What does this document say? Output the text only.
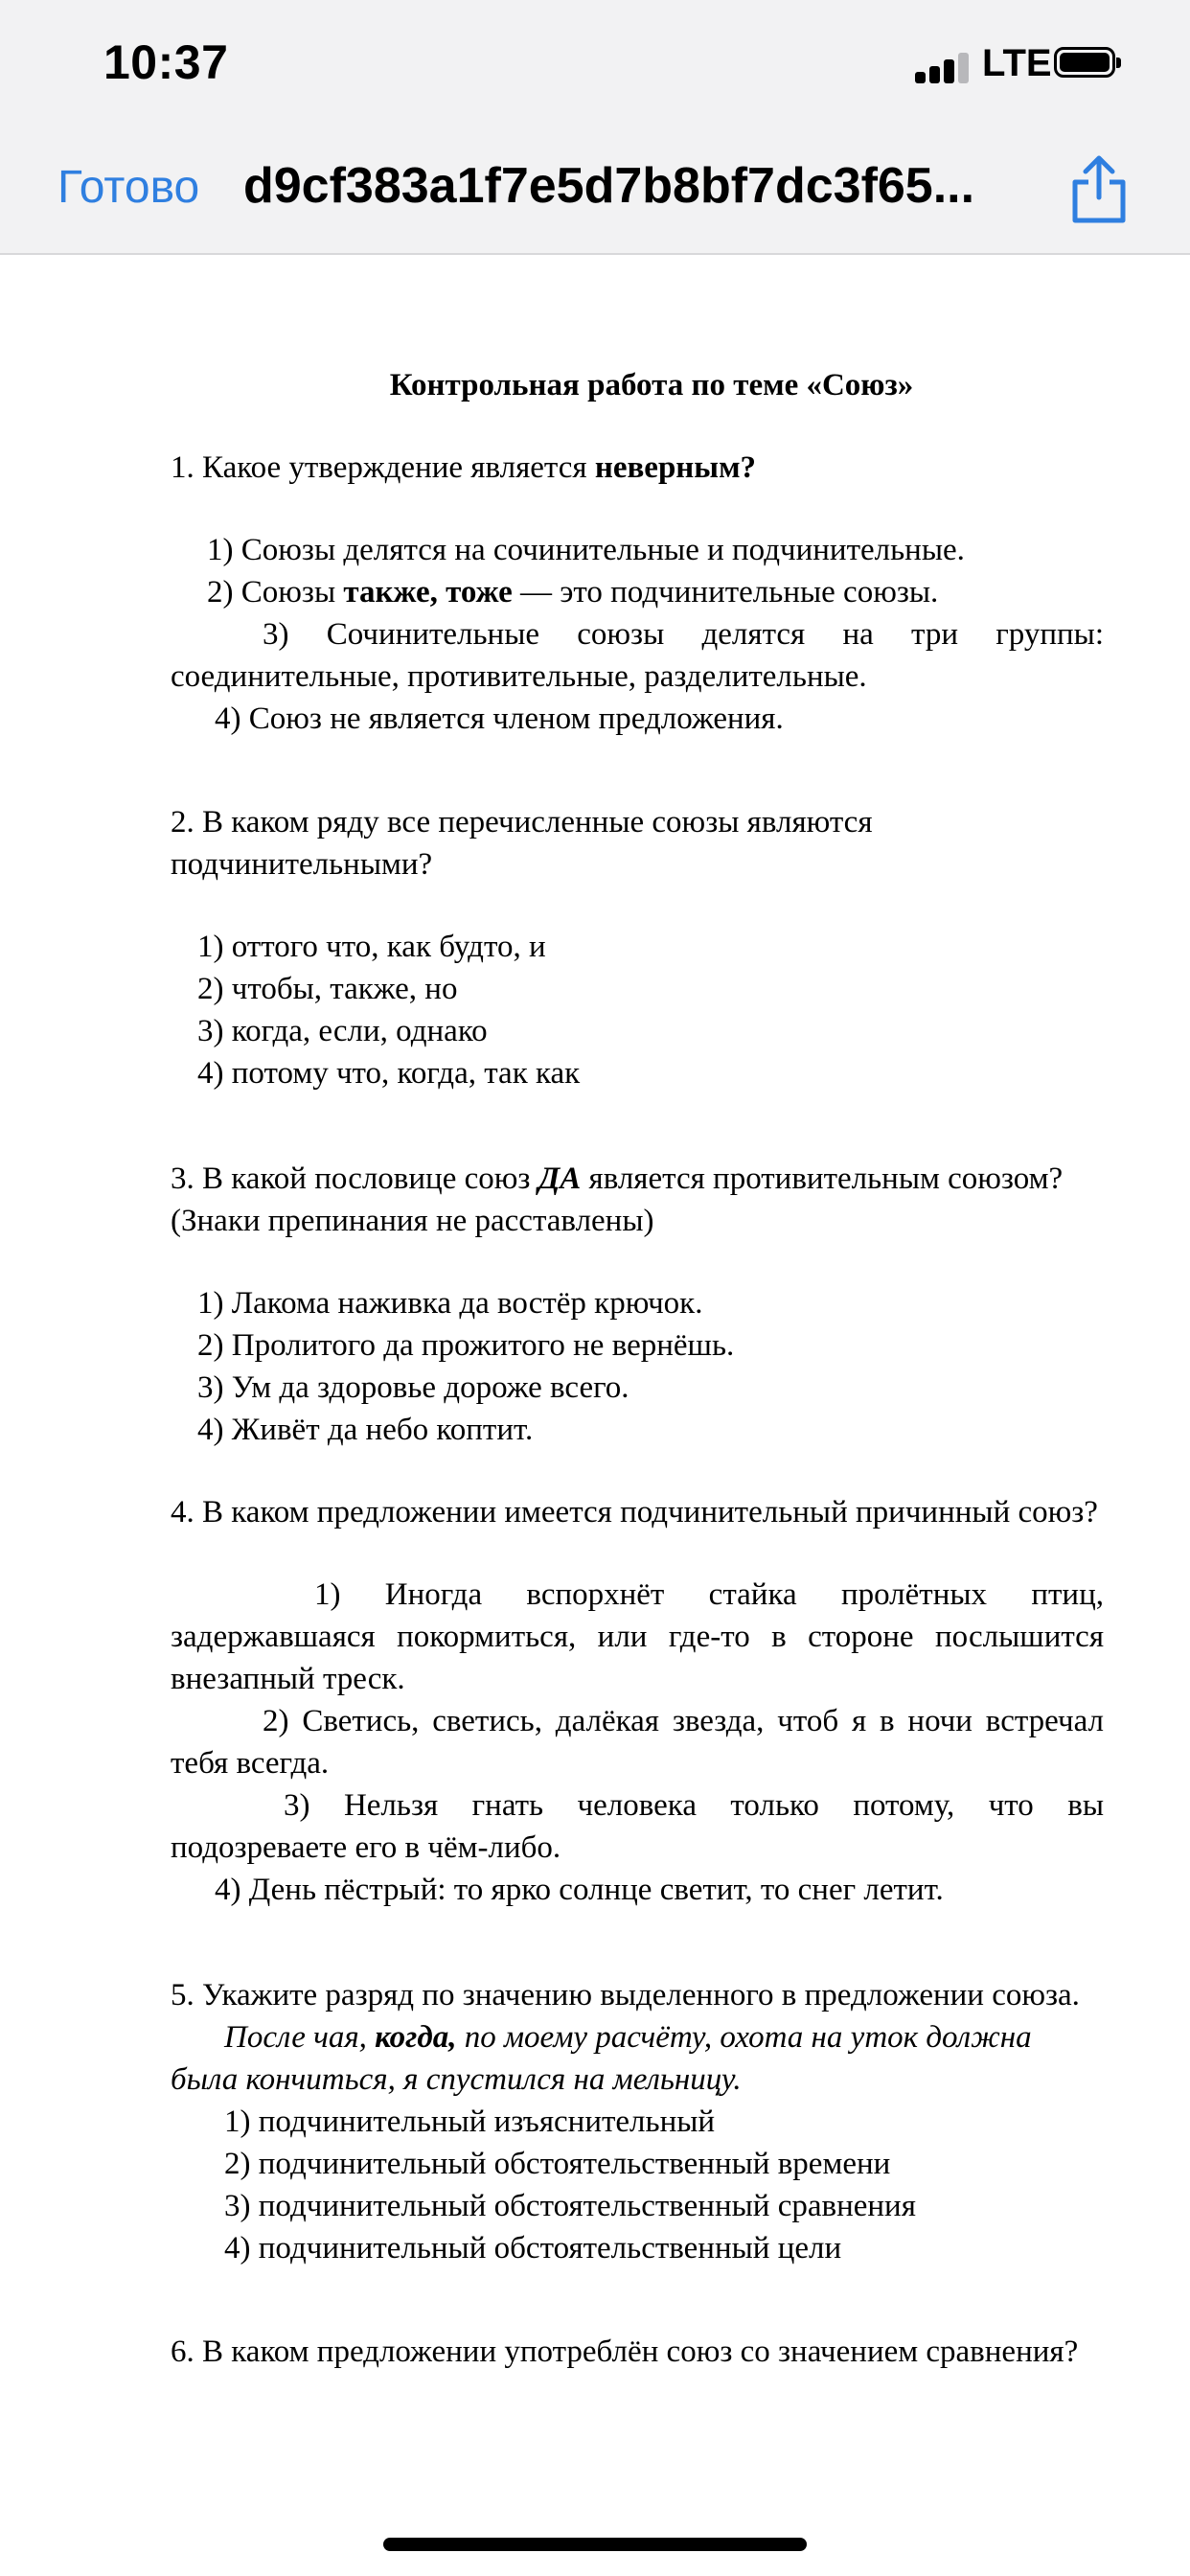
10:37	LTE
Готово d9cf383a1f7e5d7b8bf7dc3f65...
Контрольная работа по теме «Союз»

1. Какое утверждение является неверным?

1) Союзы делятся на сочинительные и подчинительные.

2) Союзы также, тоже — это подчинительные союзы.

3) Сочинительные союзы делятся на три группы: соединительные, противительные, разделительные.

4) Союз не является членом предложения.

2. В каком ряду все перечисленные союзы являются подчинительными?

1) оттого что, как будто, и

2) чтобы, также, но

3) когда, если, однако

4) потому что, когда, так как

3. В какой пословице союз ДА является противительным союзом? (Знаки препинания не расставлены)

1) Лакома наживка да востёр крючок.

2) Пролитого да прожитого не вернёшь.

3) Ум да здоровье дороже всего.

4) Живёт да небо коптит.

4. В каком предложении имеется подчинительный причинный союз?

1) Иногда вспорхнёт стайка пролётных птиц, задержавшаяся покормиться, или где-то в стороне послышится внезапный треск.

2) Светись, светись, далёкая звезда, чтоб я в ночи встречал тебя всегда.

3) Нельзя гнать человека только потому, что вы подозреваете его в чём-либо.

4) День пёстрый: то ярко солнце светит, то снег летит.

5. Укажите разряд по значению выделенного в предложении союза.

После чая, когда, по моему расчёту, охота на уток должна была кончиться, я спустился на мельницу.

1) подчинительный изъяснительный

2) подчинительный обстоятельственный времени

3) подчинительный обстоятельственный сравнения

4) подчинительный обстоятельственный цели

6. В каком предложении употреблён союз со значением сравнения?
